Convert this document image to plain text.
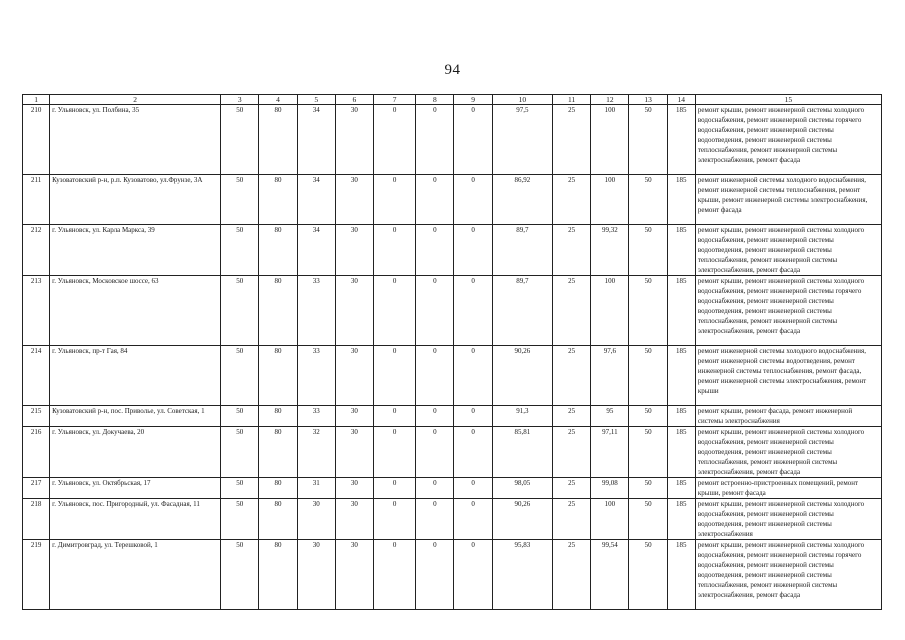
94
1	2	3	4	5	6	7	8	9	10	11	12	13	14	15
210	г. Ульяновск, ул. Полбина, 35	50	80	34	30	0	0	0	97,5	25	100	50	185	ремонт крыши, ремонт инженерной системы холодного водоснабжения, ремонт инженерной системы горячего водоснабжения, ремонт инженерной системы водоотведения, ремонт инженерной системы теплоснабжения, ремонт инженерной системы электроснабжения, ремонт фасада
211	Кузоватовский р-н, р.п. Кузоватово, ул.Фрунзе, 3А	50	80	34	30	0	0	0	86,92	25	100	50	185	ремонт инженерной системы холодного водоснабжения, ремонт инженерной системы теплоснабжения, ремонт крыши, ремонт инженерной системы электроснабжения, ремонт фасада
212	г. Ульяновск, ул. Карла Маркса, 39	50	80	34	30	0	0	0	89,7	25	99,32	50	185	ремонт крыши, ремонт инженерной системы холодного водоснабжения, ремонт инженерной системы водоотведения, ремонт инженерной системы теплоснабжения, ремонт инженерной системы электроснабжения, ремонт фасада
213	г. Ульяновск, Московское шоссе, 63	50	80	33	30	0	0	0	89,7	25	100	50	185	ремонт крыши, ремонт инженерной системы холодного водоснабжения, ремонт инженерной системы горячего водоснабжения, ремонт инженерной системы водоотведения, ремонт инженерной системы теплоснабжения, ремонт инженерной системы электроснабжения, ремонт фасада
214	г. Ульяновск, пр-т Гая, 84	50	80	33	30	0	0	0	90,26	25	97,6	50	185	ремонт инженерной системы холодного водоснабжения, ремонт инженерной системы водоотведения, ремонт инженерной системы теплоснабжения, ремонт фасада, ремонт инженерной системы электроснабжения, ремонт крыши
215	Кузоватовский р-н, пос. Приволье, ул. Советская, 1	50	80	33	30	0	0	0	91,3	25	95	50	185	ремонт крыши, ремонт фасада, ремонт инженерной системы электроснабжения
216	г. Ульяновск, ул. Докучаева, 20	50	80	32	30	0	0	0	85,81	25	97,11	50	185	ремонт крыши, ремонт инженерной системы холодного водоснабжения, ремонт инженерной системы водоотведения, ремонт инженерной системы теплоснабжения, ремонт инженерной системы электроснабжения, ремонт фасада
217	г. Ульяновск, ул. Октябрьская, 17	50	80	31	30	0	0	0	98,05	25	99,08	50	185	ремонт встроенно-пристроенных помещений, ремонт крыши, ремонт фасада
218	г. Ульяновск, пос. Пригородный, ул. Фасадная, 11	50	80	30	30	0	0	0	90,26	25	100	50	185	ремонт крыши, ремонт инженерной системы холодного водоснабжения, ремонт инженерной системы водоотведения, ремонт инженерной системы электроснабжения
219	г. Димитровград, ул. Терешковой, 1	50	80	30	30	0	0	0	95,83	25	99,54	50	185	ремонт крыши, ремонт инженерной системы холодного водоснабжения, ремонт инженерной системы горячего водоснабжения, ремонт инженерной системы водоотведения, ремонт инженерной системы теплоснабжения, ремонт инженерной системы электроснабжения, ремонт фасада
